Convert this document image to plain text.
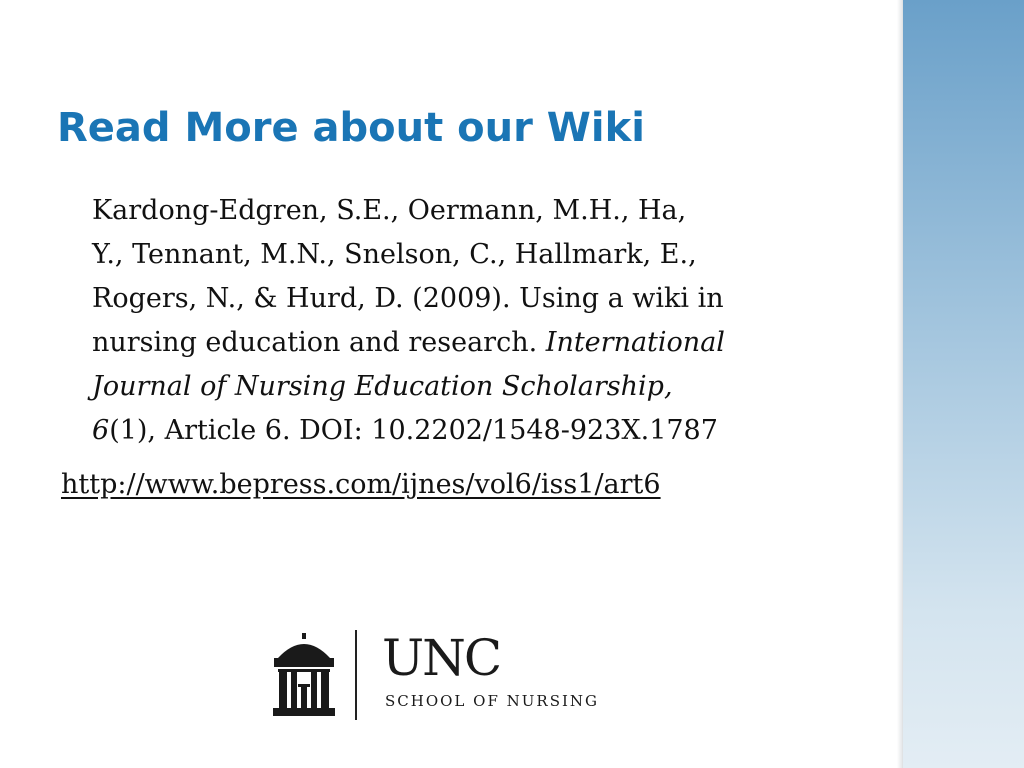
Read More about our Wiki

Kardong-Edgren, S.E., Oermann, M.H., Ha,
Y., Tennant, M.N., Snelson, C., Hallmark, E.,
Rogers, N., & Hurd, D. (2009). Using a wiki in
nursing education and research. International
Journal of Nursing Education Scholarship,
6(1), Article 6. DOI: 10.2202/1548-923X.1787

http://www.bepress.com/ijnes/vol6/iss1/art6
UNC
SCHOOL OF NURSING
